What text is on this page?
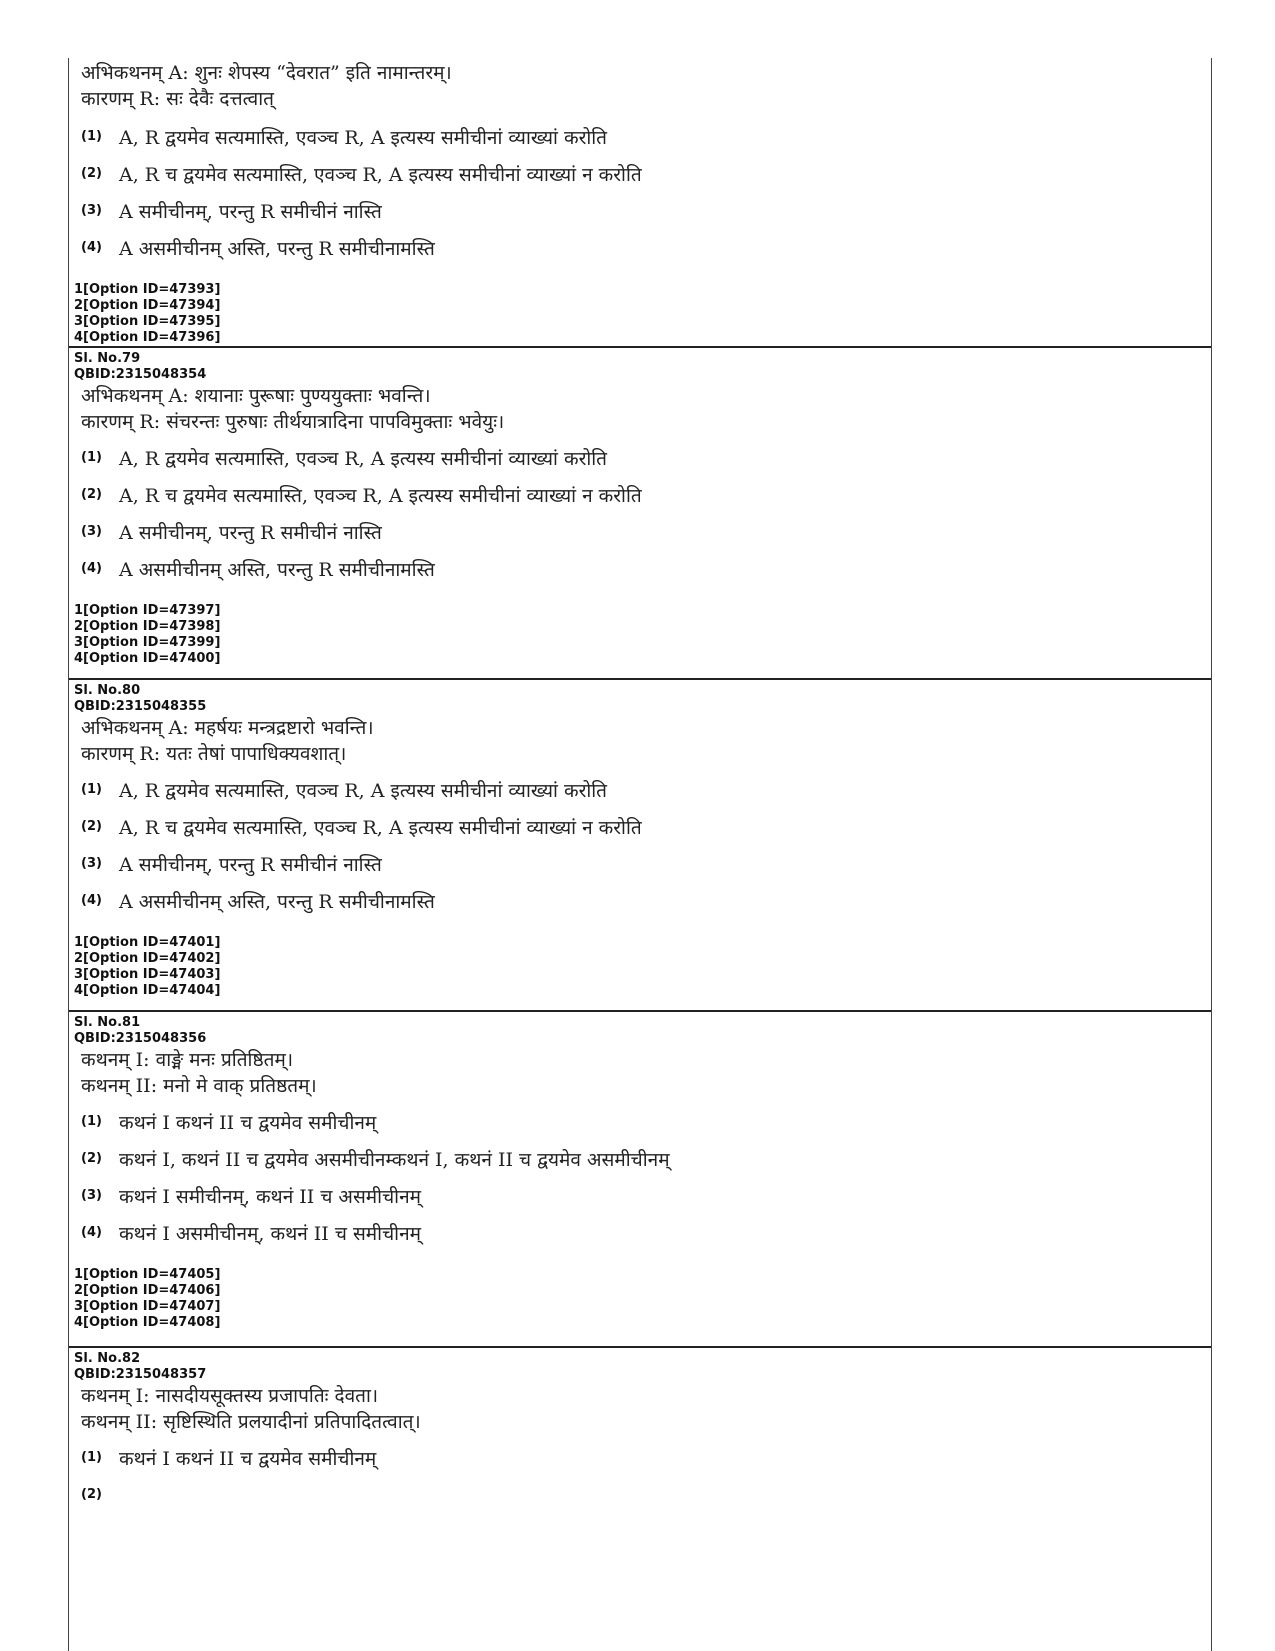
अभिकथनम् A: शुनः शेपस्य “देवरात” इति नामान्तरम्।
कारणम् R: सः देवैः दत्तत्वात्
(1) A, R द्वयमेव सत्यमास्ति, एवञ्च R, A इत्यस्य समीचीनां व्याख्यां करोति
(2) A, R च द्वयमेव सत्यमास्ति, एवञ्च R, A इत्यस्य समीचीनां व्याख्यां न करोति
(3) A समीचीनम्, परन्तु R समीचीनं नास्ति
(4) A असमीचीनम् अस्ति, परन्तु R समीचीनामस्ति
1[Option ID=47393]
2[Option ID=47394]
3[Option ID=47395]
4[Option ID=47396]
Sl. No.79
QBID:2315048354
अभिकथनम् A: शयानाः पुरूषाः पुण्ययुक्ताः भवन्ति।
कारणम् R: संचरन्तः पुरुषाः तीर्थयात्रादिना पापविमुक्ताः भवेयुः।
(1) A, R द्वयमेव सत्यमास्ति, एवञ्च R, A इत्यस्य समीचीनां व्याख्यां करोति
(2) A, R च द्वयमेव सत्यमास्ति, एवञ्च R, A इत्यस्य समीचीनां व्याख्यां न करोति
(3) A समीचीनम्, परन्तु R समीचीनं नास्ति
(4) A असमीचीनम् अस्ति, परन्तु R समीचीनामस्ति
1[Option ID=47397]
2[Option ID=47398]
3[Option ID=47399]
4[Option ID=47400]
Sl. No.80
QBID:2315048355
अभिकथनम् A: महर्षयः मन्त्रद्रष्टारो भवन्ति।
कारणम् R: यतः तेषां पापाधिक्यवशात्।
(1) A, R द्वयमेव सत्यमास्ति, एवञ्च R, A इत्यस्य समीचीनां व्याख्यां करोति
(2) A, R च द्वयमेव सत्यमास्ति, एवञ्च R, A इत्यस्य समीचीनां व्याख्यां न करोति
(3) A समीचीनम्, परन्तु R समीचीनं नास्ति
(4) A असमीचीनम् अस्ति, परन्तु R समीचीनामस्ति
1[Option ID=47401]
2[Option ID=47402]
3[Option ID=47403]
4[Option ID=47404]
Sl. No.81
QBID:2315048356
कथनम् I: वाङ्मे मनः प्रतिष्ठितम्।
कथनम् II: मनो मे वाक् प्रतिष्ठतम्।
(1) कथनं I कथनं II च द्वयमेव समीचीनम्
(2) कथनं I, कथनं II च द्वयमेव असमीचीनम्कथनं I, कथनं II च द्वयमेव असमीचीनम्
(3) कथनं I समीचीनम्, कथनं II च असमीचीनम्
(4) कथनं I असमीचीनम्, कथनं II च समीचीनम्
1[Option ID=47405]
2[Option ID=47406]
3[Option ID=47407]
4[Option ID=47408]
Sl. No.82
QBID:2315048357
कथनम् I: नासदीयसूक्तस्य प्रजापतिः देवता।
कथनम् II: सृष्टिस्थिति प्रलयादीनां प्रतिपादितत्वात्।
(1) कथनं I कथनं II च द्वयमेव समीचीनम्
(2)
